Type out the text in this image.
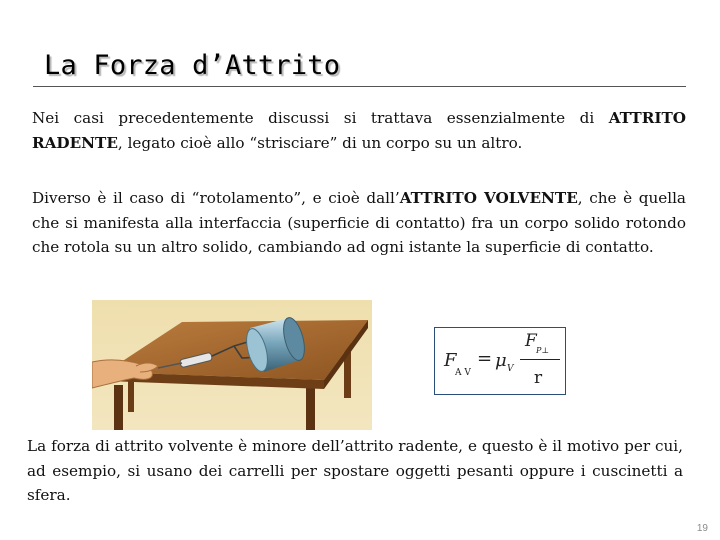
La Forza d’Attrito
Nei casi precedentemente discussi si trattava essenzialmente di ATTRITO RADENTE, legato cioè allo “strisciare” di un corpo su un altro.
Diverso è il caso di “rotolamento”, e cioè dall’ATTRITO VOLVENTE, che è quella che si manifesta alla interfaccia (superficie di contatto) fra un corpo solido rotondo che rotola su un altro solido, cambiando ad ogni istante la superficie di contatto.
F
A V
= μ V
F P⊥
r
La forza di attrito volvente è minore dell’attrito radente, e questo è il motivo per cui, ad esempio, si usano dei carrelli per spostare oggetti pesanti oppure i cuscinetti a sfera.
19
